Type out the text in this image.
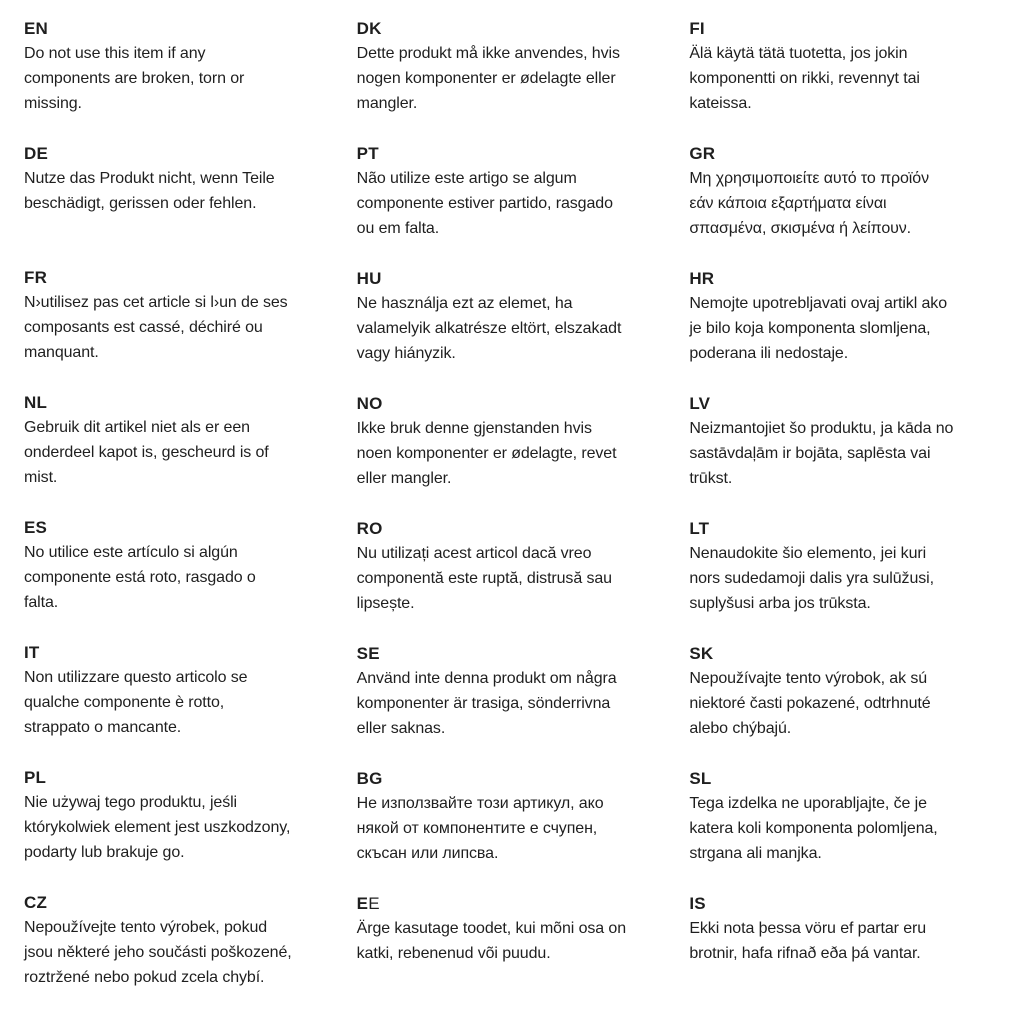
EN

Do not use this item if any
components are broken, torn or
missing.

DE

Nutze das Produkt nicht, wenn Teile
beschädigt, gerissen oder fehlen.

FR

N›utilisez pas cet article si l›un de ses
composants est cassé, déchiré ou
manquant.

NL

Gebruik dit artikel niet als er een
onderdeel kapot is, gescheurd is of
mist.

ES

No utilice este artículo si algún
componente está roto, rasgado o
falta.

IT

Non utilizzare questo articolo se
qualche componente è rotto,
strappato o mancante.

PL

Nie używaj tego produktu, jeśli
którykolwiek element jest uszkodzony,
podarty lub brakuje go.

CZ

Nepoužívejte tento výrobek, pokud
jsou některé jeho součásti poškozené,
roztržené nebo pokud zcela chybí.

DK

Dette produkt må ikke anvendes, hvis
nogen komponenter er ødelagte eller
mangler.

PT

Não utilize este artigo se algum
componente estiver partido, rasgado
ou em falta.

HU

Ne használja ezt az elemet, ha
valamelyik alkatrésze eltört, elszakadt
vagy hiányzik.

NO

Ikke bruk denne gjenstanden hvis
noen komponenter er ødelagte, revet
eller mangler.

RO

Nu utilizați acest articol dacă vreo
componentă este ruptă, distrusă sau
lipsește.

SE

Använd inte denna produkt om några
komponenter är trasiga, sönderrivna
eller saknas.

BG

Не използвайте този артикул, ако
някой от компонентите е счупен,
скъсан или липсва.

EE

Ärge kasutage toodet, kui mõni osa on
katki, rebenenud või puudu.

FI

Älä käytä tätä tuotetta, jos jokin
komponentti on rikki, revennyt tai
kateissa.

GR

Μη χρησιμοποιείτε αυτό το προϊόν
εάν κάποια εξαρτήματα είναι
σπασμένα, σκισμένα ή λείπουν.

HR

Nemojte upotrebljavati ovaj artikl ako
je bilo koja komponenta slomljena,
poderana ili nedostaje.

LV

Neizmantojiet šo produktu, ja kāda no
sastāvdaļām ir bojāta, saplēsta vai
trūkst.

LT

Nenaudokite šio elemento, jei kuri
nors sudedamoji dalis yra sulūžusi,
suplyšusi arba jos trūksta.

SK

Nepoužívajte tento výrobok, ak sú
niektoré časti pokazené, odtrhnuté
alebo chýbajú.

SL

Tega izdelka ne uporabljajte, če je
katera koli komponenta polomljena,
strgana ali manjka.

IS

Ekki nota þessa vöru ef partar eru
brotnir, hafa rifnað eða þá vantar.
